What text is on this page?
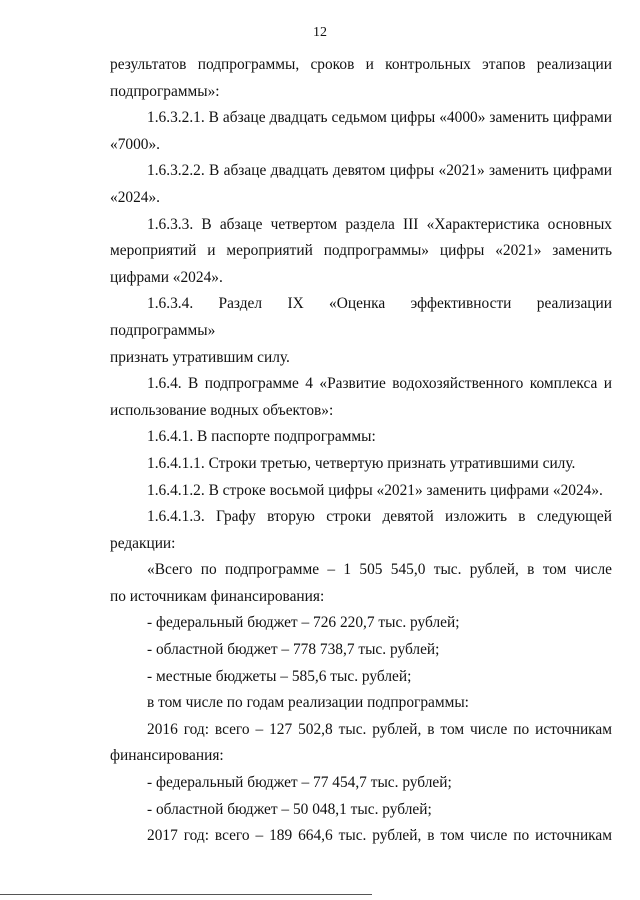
12
результатов подпрограммы, сроков и контрольных этапов реализации
подпрограммы»:
1.6.3.2.1. В абзаце двадцать седьмом цифры «4000» заменить цифрами
«7000».
1.6.3.2.2. В абзаце двадцать девятом цифры «2021» заменить цифрами
«2024».
1.6.3.3. В абзаце четвертом раздела III «Характеристика основных
мероприятий и мероприятий подпрограммы» цифры «2021» заменить
цифрами «2024».
1.6.3.4. Раздел IX «Оценка эффективности реализации подпрограммы»
признать утратившим силу.
1.6.4. В подпрограмме 4 «Развитие водохозяйственного комплекса и
использование водных объектов»:
1.6.4.1. В паспорте подпрограммы:
1.6.4.1.1. Строки третью, четвертую признать утратившими силу.
1.6.4.1.2. В строке восьмой цифры «2021» заменить цифрами «2024».
1.6.4.1.3. Графу вторую строки девятой изложить в следующей
редакции:
«Всего по подпрограмме – 1 505 545,0 тыс. рублей, в том числе
по источникам финансирования:
- федеральный бюджет – 726 220,7 тыс. рублей;
- областной бюджет – 778 738,7 тыс. рублей;
- местные бюджеты – 585,6 тыс. рублей;
в том числе по годам реализации подпрограммы:
2016 год: всего – 127 502,8 тыс. рублей, в том числе по источникам
финансирования:
- федеральный бюджет – 77 454,7 тыс. рублей;
- областной бюджет – 50 048,1 тыс. рублей;
2017 год: всего – 189 664,6 тыс. рублей, в том числе по источникам
